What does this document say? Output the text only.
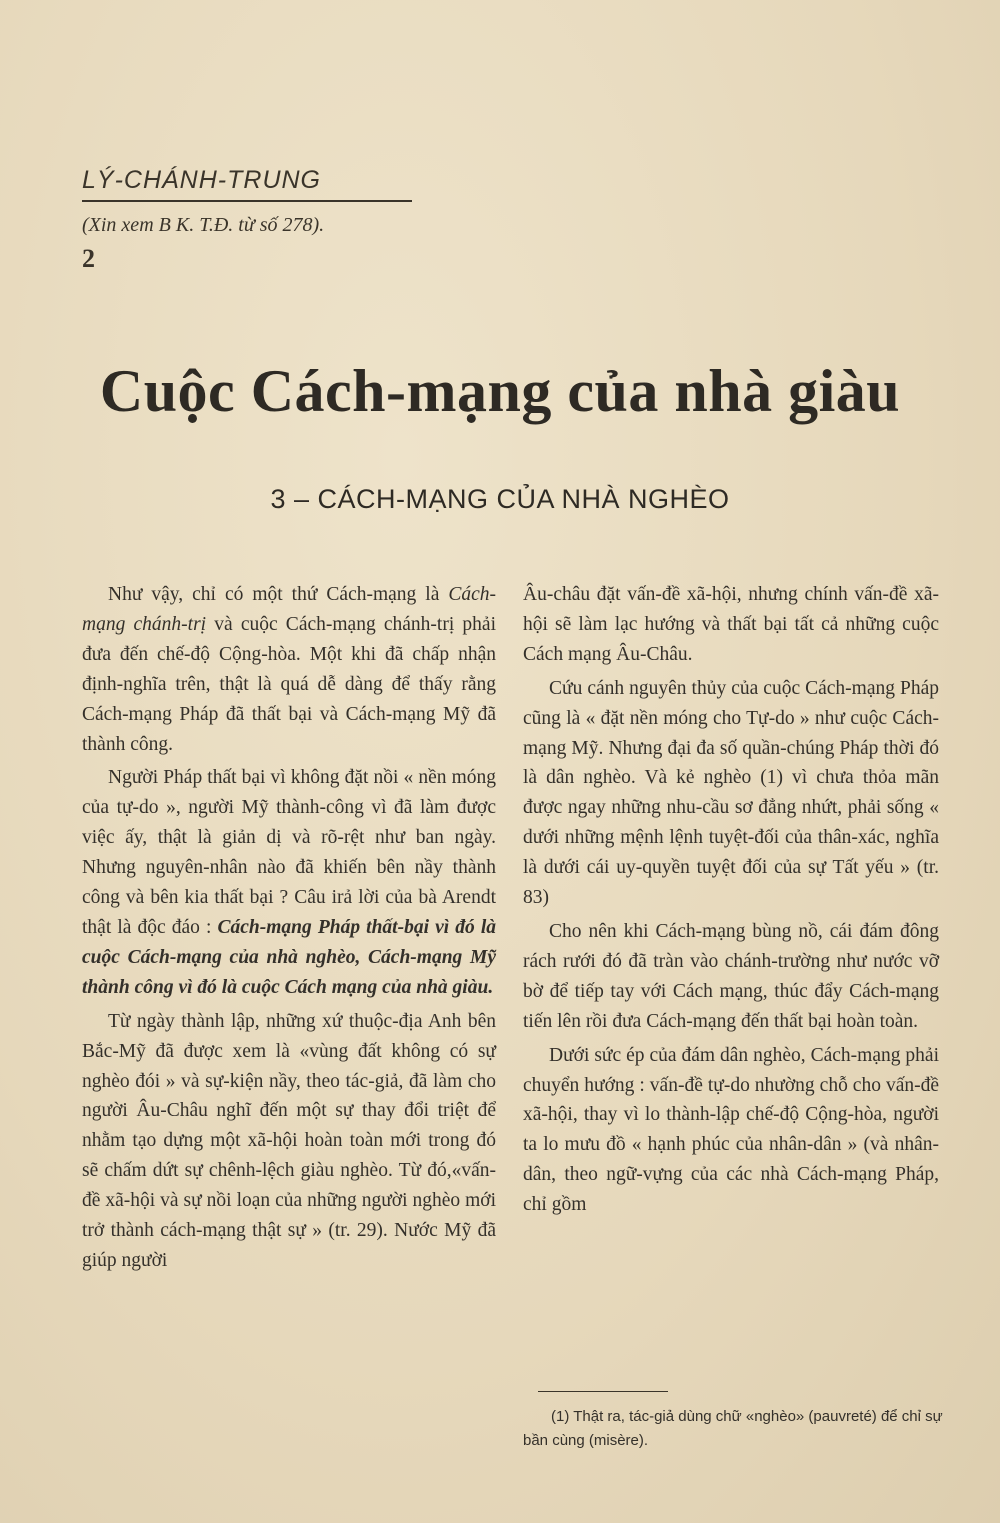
LÝ-CHÁNH-TRUNG
(Xin xem B K. T.Đ. từ số 278).
2
Cuộc Cách-mạng của nhà giàu
3 – CÁCH-MẠNG CỦA NHÀ NGHÈO

Như vậy, chỉ có một thứ Cách-mạng là Cách-mạng chánh-trị và cuộc Cách-mạng chánh-trị phải đưa đến chế-độ Cộng-hòa. Một khi đã chấp nhận định-nghĩa trên, thật là quá dễ dàng để thấy rằng Cách-mạng Pháp đã thất bại và Cách-mạng Mỹ đã thành công.

Người Pháp thất bại vì không đặt nồi « nền móng của tự-do », người Mỹ thành-công vì đã làm được việc ấy, thật là giản dị và rõ-rệt như ban ngày. Nhưng nguyên-nhân nào đã khiến bên nầy thành công và bên kia thất bại ? Câu irả lời của bà Arendt thật là độc đáo : Cách-mạng Pháp thất-bại vì đó là cuộc Cách-mạng của nhà nghèo, Cách-mạng Mỹ thành công vì đó là cuộc Cách mạng của nhà giàu.

Từ ngày thành lập, những xứ thuộc-địa Anh bên Bắc-Mỹ đã được xem là «vùng đất không có sự nghèo đói » và sự-kiện nầy, theo tác-giả, đã làm cho người Âu-Châu nghĩ đến một sự thay đổi triệt để nhằm tạo dựng một xã-hội hoàn toàn mới trong đó sẽ chấm dứt sự chênh-lệch giàu nghèo. Từ đó,«vấn-đề xã-hội và sự nồi loạn của những người nghèo mới trở thành cách-mạng thật sự » (tr. 29). Nước Mỹ đã giúp người

Âu-châu đặt vấn-đề xã-hội, nhưng chính vấn-đề xã-hội sẽ làm lạc hướng và thất bại tất cả những cuộc Cách mạng Âu-Châu.

Cứu cánh nguyên thủy của cuộc Cách-mạng Pháp cũng là « đặt nền móng cho Tự-do » như cuộc Cách-mạng Mỹ. Nhưng đại đa số quần-chúng Pháp thời đó là dân nghèo. Và kẻ nghèo (1) vì chưa thỏa mãn được ngay những nhu-cầu sơ đẳng nhứt, phải sống « dưới những mệnh lệnh tuyệt-đối của thân-xác, nghĩa là dưới cái uy-quyền tuyệt đối của sự Tất yếu » (tr. 83)

Cho nên khi Cách-mạng bùng nồ, cái đám đông rách rưới đó đã tràn vào chánh-trường như nước vỡ bờ để tiếp tay với Cách mạng, thúc đẩy Cách-mạng tiến lên rồi đưa Cách-mạng đến thất bại hoàn toàn.

Dưới sức ép của đám dân nghèo, Cách-mạng phải chuyển hướng : vấn-đề tự-do nhường chỗ cho vấn-đề xã-hội, thay vì lo thành-lập chế-độ Cộng-hòa, người ta lo mưu đồ « hạnh phúc của nhân-dân » (và nhân-dân, theo ngữ-vựng của các nhà Cách-mạng Pháp, chỉ gồm

(1) Thật ra, tác-giả dùng chữ «nghèo» (pauvreté) để chỉ sự bần cùng (misère).
